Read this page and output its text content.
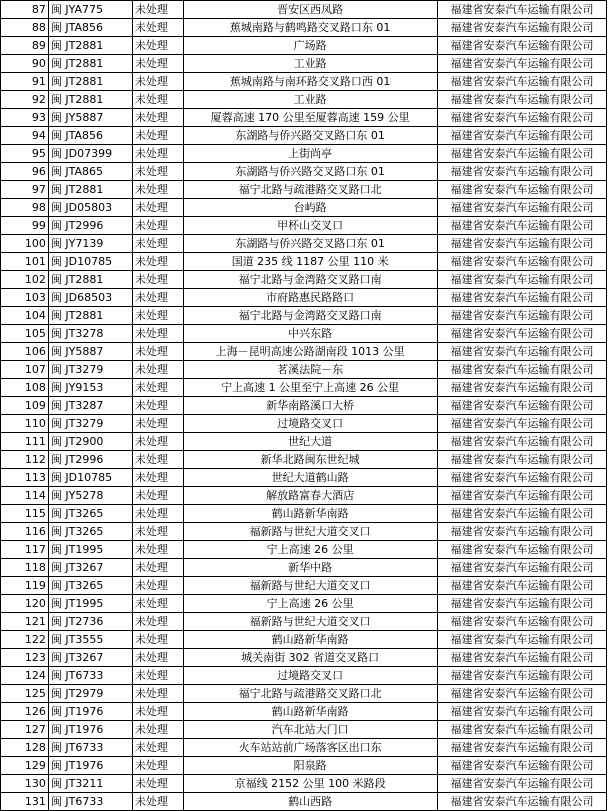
87	闽 JYA775	未处理	晋安区西凤路	福建省安泰汽车运输有限公司	
88	闽 JTA856	未处理	蕉城南路与鹤鸣路交叉路口东 01	福建省安泰汽车运输有限公司	
89	闽 JT2881	未处理	广场路	福建省安泰汽车运输有限公司	
90	闽 JT2881	未处理	工业路	福建省安泰汽车运输有限公司	
91	闽 JT2881	未处理	蕉城南路与南环路交叉路口西 01	福建省安泰汽车运输有限公司	
92	闽 JT2881	未处理	工业路	福建省安泰汽车运输有限公司	
93	闽 JY5887	未处理	厦蓉高速 170 公里至厦蓉高速 159 公里	福建省安泰汽车运输有限公司	
94	闽 JTA856	未处理	东湖路与侨兴路交叉路口东 01	福建省安泰汽车运输有限公司	
95	闽 JD07399	未处理	上街尚亭	福建省安泰汽车运输有限公司	
96	闽 JTA865	未处理	东湖路与侨兴路交叉路口东 01	福建省安泰汽车运输有限公司	
97	闽 JT2881	未处理	福宁北路与疏港路交叉路口北	福建省安泰汽车运输有限公司	
98	闽 JD05803	未处理	台屿路	福建省安泰汽车运输有限公司	
99	闽 JT2996	未处理	甲杯山交叉口	福建省安泰汽车运输有限公司	
100	闽 JY7139	未处理	东湖路与侨兴路交叉路口东 01	福建省安泰汽车运输有限公司	
101	闽 JD10785	未处理	国道 235 线 1187 公里 110 米	福建省安泰汽车运输有限公司	
102	闽 JT2881	未处理	福宁北路与金湾路交叉路口南	福建省安泰汽车运输有限公司	
103	闽 JD68503	未处理	市府路惠民路路口	福建省安泰汽车运输有限公司	
104	闽 JT2881	未处理	福宁北路与金湾路交叉路口南	福建省安泰汽车运输有限公司	
105	闽 JT3278	未处理	中兴东路	福建省安泰汽车运输有限公司	
106	闽 JY5887	未处理	上海－昆明高速公路湖南段 1013 公里	福建省安泰汽车运输有限公司	
107	闽 JT3279	未处理	茗溪法院－东	福建省安泰汽车运输有限公司	
108	闽 JY9153	未处理	宁上高速 1 公里至宁上高速 26 公里	福建省安泰汽车运输有限公司	
109	闽 JT3287	未处理	新华南路溪口大桥	福建省安泰汽车运输有限公司	
110	闽 JT3279	未处理	过境路交叉口	福建省安泰汽车运输有限公司	
111	闽 JT2900	未处理	世纪大道	福建省安泰汽车运输有限公司	
112	闽 JT2996	未处理	新华北路闽东世纪城	福建省安泰汽车运输有限公司	
113	闽 JD10785	未处理	世纪大道鹤山路	福建省安泰汽车运输有限公司	
114	闽 JY5278	未处理	解放路富春大酒店	福建省安泰汽车运输有限公司	
115	闽 JT3265	未处理	鹤山路新华南路	福建省安泰汽车运输有限公司	
116	闽 JT3265	未处理	福新路与世纪大道交叉口	福建省安泰汽车运输有限公司	
117	闽 JT1995	未处理	宁上高速 26 公里	福建省安泰汽车运输有限公司	
118	闽 JT3267	未处理	新华中路	福建省安泰汽车运输有限公司	
119	闽 JT3265	未处理	福新路与世纪大道交叉口	福建省安泰汽车运输有限公司	
120	闽 JT1995	未处理	宁上高速 26 公里	福建省安泰汽车运输有限公司	
121	闽 JT2736	未处理	福新路与世纪大道交叉口	福建省安泰汽车运输有限公司	
122	闽 JT3555	未处理	鹤山路新华南路	福建省安泰汽车运输有限公司	
123	闽 JT3267	未处理	城关南街 302 省道交叉路口	福建省安泰汽车运输有限公司	
124	闽 JT6733	未处理	过境路交叉口	福建省安泰汽车运输有限公司	
125	闽 JT2979	未处理	福宁北路与疏港路交叉路口北	福建省安泰汽车运输有限公司	
126	闽 JT1976	未处理	鹤山路新华南路	福建省安泰汽车运输有限公司	
127	闽 JT1976	未处理	汽车北站大门口	福建省安泰汽车运输有限公司	
128	闽 JT6733	未处理	火车站站前广场落客区出口东	福建省安泰汽车运输有限公司	
129	闽 JT1976	未处理	阳泉路	福建省安泰汽车运输有限公司	
130	闽 JT3211	未处理	京福线 2152 公里 100 米路段	福建省安泰汽车运输有限公司	
131	闽 JT6733	未处理	鹤山西路	福建省安泰汽车运输有限公司	
